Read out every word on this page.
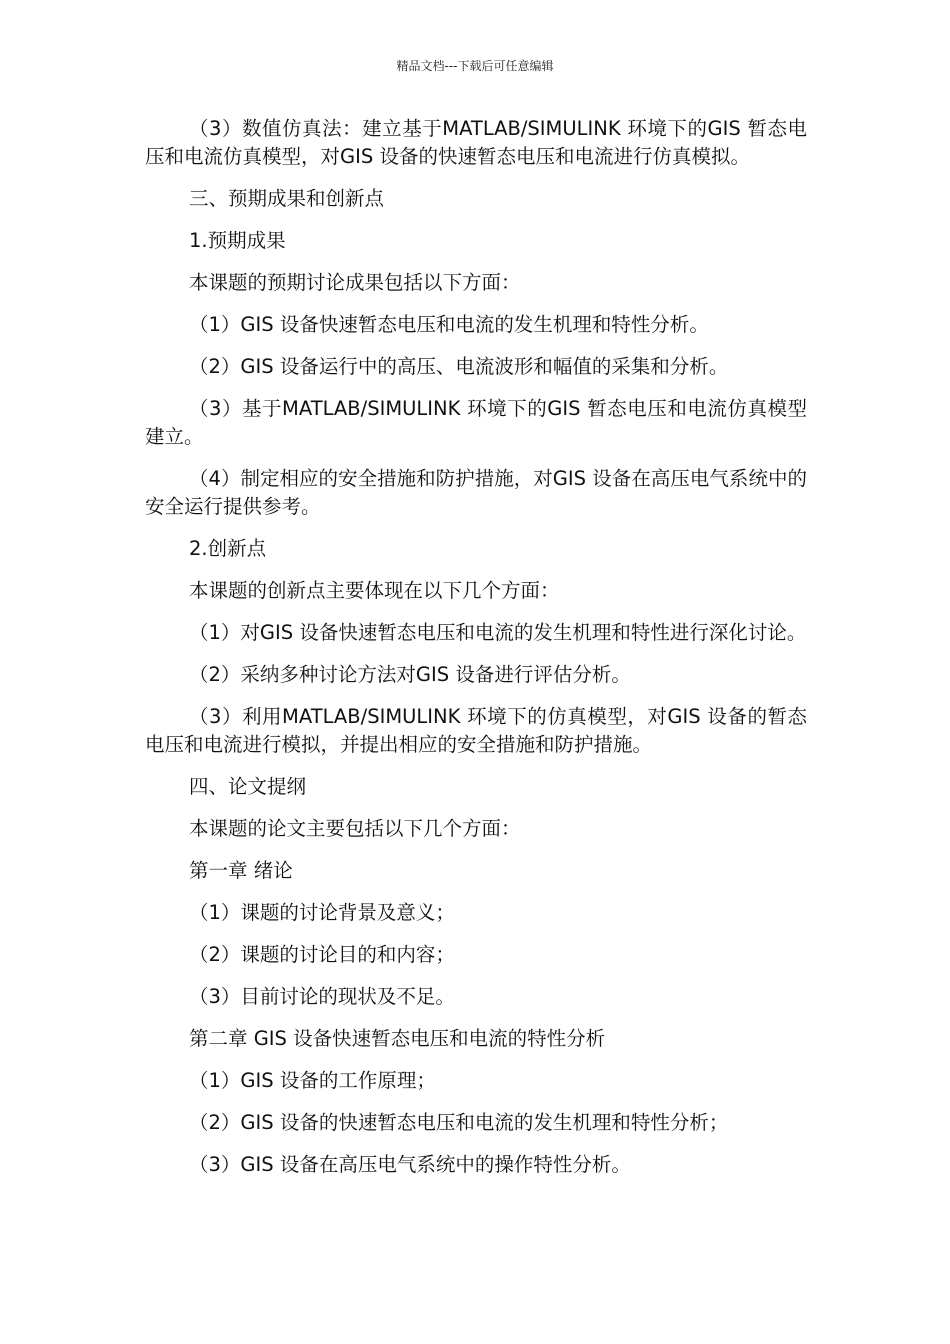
精品文档---下载后可任意编辑

（3）数值仿真法：建立基于MATLAB/SIMULINK 环境下的GIS 暂态电压和电流仿真模型，对GIS 设备的快速暂态电压和电流进行仿真模拟。

三、预期成果和创新点

1.预期成果

本课题的预期讨论成果包括以下方面：

（1）GIS 设备快速暂态电压和电流的发生机理和特性分析。

（2）GIS 设备运行中的高压、电流波形和幅值的采集和分析。

（3）基于MATLAB/SIMULINK 环境下的GIS 暂态电压和电流仿真模型建立。

（4）制定相应的安全措施和防护措施，对GIS 设备在高压电气系统中的安全运行提供参考。

2.创新点

本课题的创新点主要体现在以下几个方面：

（1）对GIS 设备快速暂态电压和电流的发生机理和特性进行深化讨论。

（2）采纳多种讨论方法对GIS 设备进行评估分析。

（3）利用MATLAB/SIMULINK 环境下的仿真模型，对GIS 设备的暂态电压和电流进行模拟，并提出相应的安全措施和防护措施。

四、论文提纲

本课题的论文主要包括以下几个方面：

第一章 绪论

（1）课题的讨论背景及意义；

（2）课题的讨论目的和内容；

（3）目前讨论的现状及不足。

第二章 GIS 设备快速暂态电压和电流的特性分析

（1）GIS 设备的工作原理；

（2）GIS 设备的快速暂态电压和电流的发生机理和特性分析；

（3）GIS 设备在高压电气系统中的操作特性分析。
